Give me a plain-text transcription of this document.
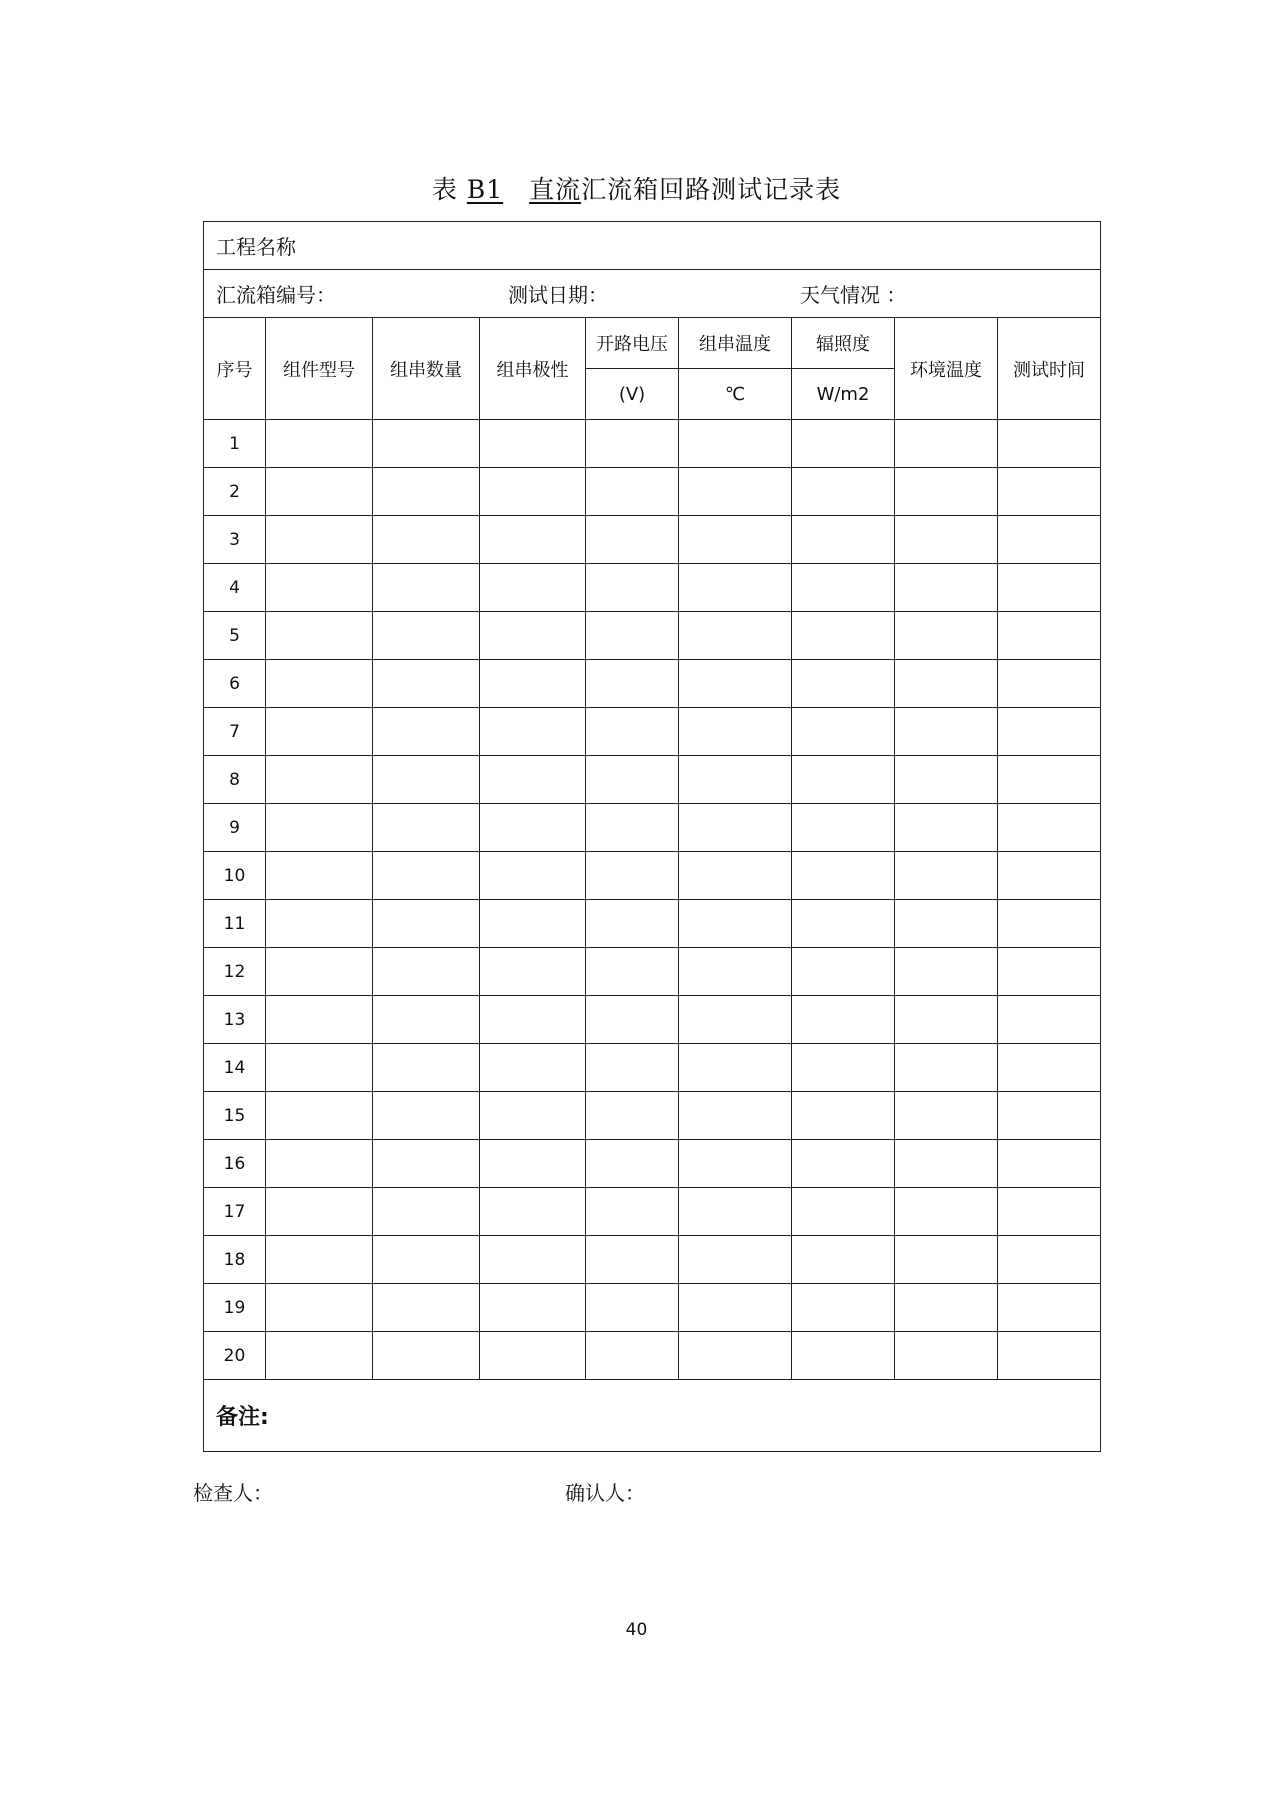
表 B1 直流汇流箱回路测试记录表
工程名称								

汇流箱编号： 测试日期： 天气情况 ：								

序号	组件型号	组串数量	组串极性	开路电压	组串温度	辐照度	环境温度	测试时间
				(V)	℃	W/m2		
1								
2								
3								
4								
5								
6								
7								
8								
9								
10								
11								
12								
13								
14								
15								
16								
17								
18								
19								
20								
备注:								
检查人：	确认人：
40
